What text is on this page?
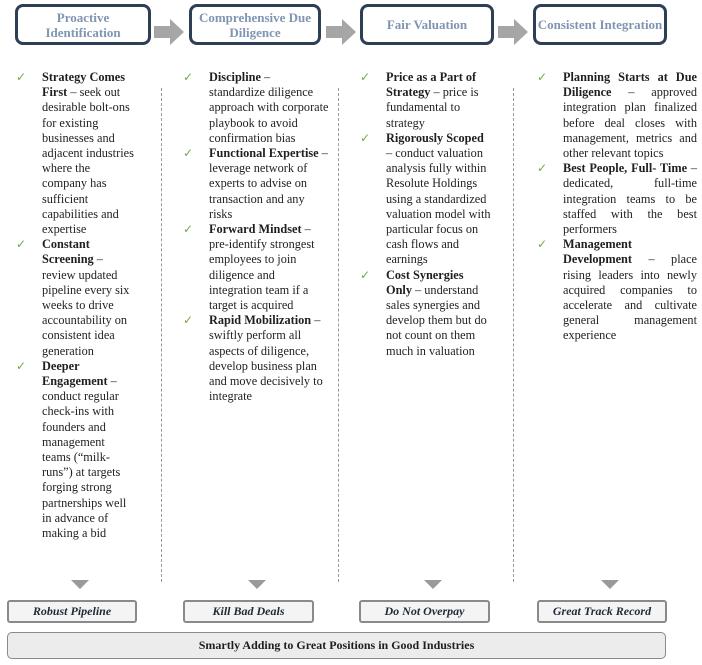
Proactive Identification
Comprehensive Due Diligence	Fair Valuation	Consistent Integration
✓ Strategy Comes First – seek out desirable bolt-ons for existing businesses and adjacent industries where the company has sufficient capabilities and expertise

✓ Constant Screening – review updated pipeline every six weeks to drive accountability on consistent idea generation

✓ Deeper Engagement – conduct regular check-ins with founders and management teams (“milk-runs”) at targets forging strong partnerships well in advance of making a bid

✓ Discipline – standardize diligence approach with corporate playbook to avoid confirmation bias

✓ Functional Expertise – leverage network of experts to advise on transaction and any risks

✓ Forward Mindset – pre-identify strongest employees to join diligence and integration team if a target is acquired

✓ Rapid Mobilization – swiftly perform all aspects of diligence, develop business plan and move decisively to integrate

✓ Price as a Part of Strategy – price is fundamental to strategy

✓ Rigorously Scoped – conduct valuation analysis fully within Resolute Holdings using a standardized valuation model with particular focus on cash flows and earnings

✓ Cost Synergies Only – understand sales synergies and develop them but do not count on them much in valuation

✓ Planning Starts at Due Diligence – approved integration plan finalized before deal closes with management, metrics and other relevant topics

✓ Best People, Full- Time – dedicated, full-time integration teams to be staffed with the best performers

✓ Management Development – place rising leaders into newly acquired companies to accelerate and cultivate general management experience

Robust Pipeline	Kill Bad Deals	Do Not Overpay	Great Track Record
Smartly Adding to Great Positions in Good Industries
